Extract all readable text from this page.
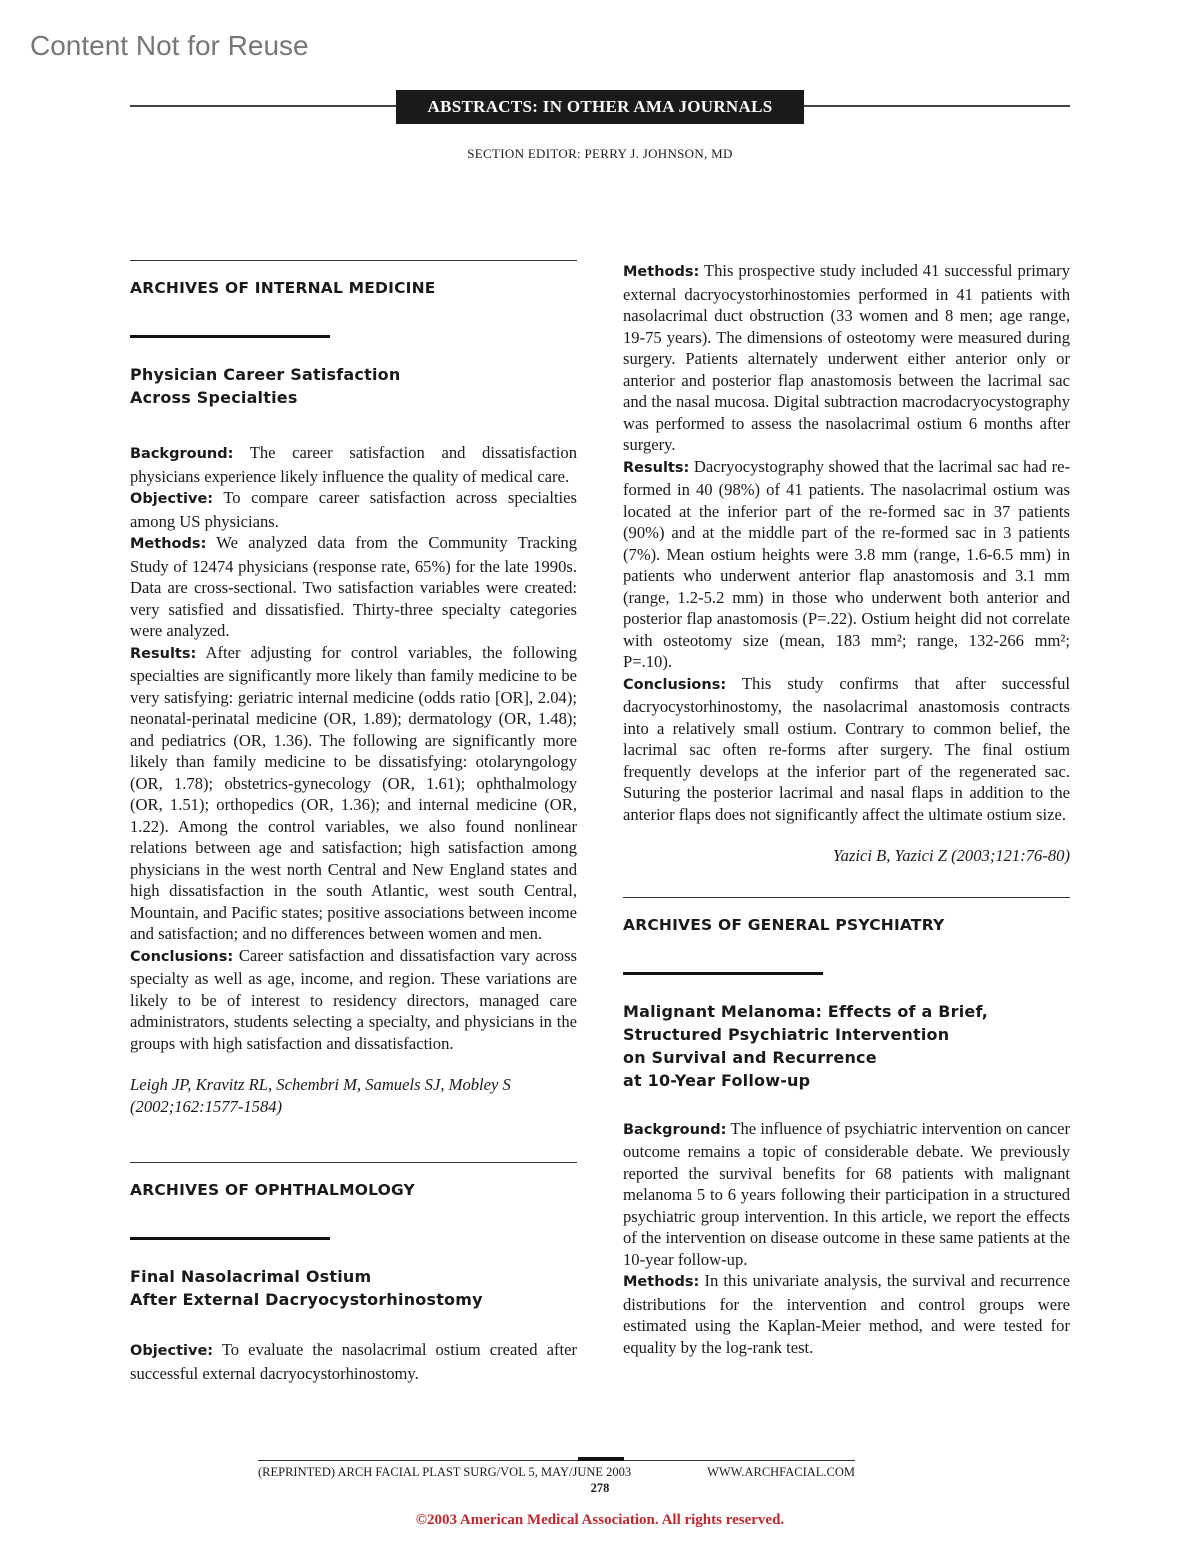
Content Not for Reuse
ABSTRACTS: IN OTHER AMA JOURNALS
SECTION EDITOR: PERRY J. JOHNSON, MD
ARCHIVES OF INTERNAL MEDICINE
Physician Career Satisfaction
Across Specialties

Background: The career satisfaction and dissatisfaction physicians experience likely influence the quality of medical care.

Objective: To compare career satisfaction across specialties among US physicians.

Methods: We analyzed data from the Community Tracking Study of 12474 physicians (response rate, 65%) for the late 1990s. Data are cross-sectional. Two satisfaction variables were created: very satisfied and dissatisfied. Thirty-three specialty categories were analyzed.

Results: After adjusting for control variables, the following specialties are significantly more likely than family medicine to be very satisfying: geriatric internal medicine (odds ratio [OR], 2.04); neonatal-perinatal medicine (OR, 1.89); dermatology (OR, 1.48); and pediatrics (OR, 1.36). The following are significantly more likely than family medicine to be dissatisfying: otolaryngology (OR, 1.78); obstetrics-gynecology (OR, 1.61); ophthalmology (OR, 1.51); orthopedics (OR, 1.36); and internal medicine (OR, 1.22). Among the control variables, we also found nonlinear relations between age and satisfaction; high satisfaction among physicians in the west north Central and New England states and high dissatisfaction in the south Atlantic, west south Central, Mountain, and Pacific states; positive associations between income and satisfaction; and no differences between women and men.

Conclusions: Career satisfaction and dissatisfaction vary across specialty as well as age, income, and region. These variations are likely to be of interest to residency directors, managed care administrators, students selecting a specialty, and physicians in the groups with high satisfaction and dissatisfaction.

Leigh JP, Kravitz RL, Schembri M, Samuels SJ, Mobley S (2002;162:1577-1584)
ARCHIVES OF OPHTHALMOLOGY
Final Nasolacrimal Ostium
After External Dacryocystorhinostomy

Objective: To evaluate the nasolacrimal ostium created after successful external dacryocystorhinostomy.

Methods: This prospective study included 41 successful primary external dacryocystorhinostomies performed in 41 patients with nasolacrimal duct obstruction (33 women and 8 men; age range, 19-75 years). The dimensions of osteotomy were measured during surgery. Patients alternately underwent either anterior only or anterior and posterior flap anastomosis between the lacrimal sac and the nasal mucosa. Digital subtraction macrodacryocystography was performed to assess the nasolacrimal ostium 6 months after surgery.

Results: Dacryocystography showed that the lacrimal sac had re-formed in 40 (98%) of 41 patients. The nasolacrimal ostium was located at the inferior part of the re-formed sac in 37 patients (90%) and at the middle part of the re-formed sac in 3 patients (7%). Mean ostium heights were 3.8 mm (range, 1.6-6.5 mm) in patients who underwent anterior flap anastomosis and 3.1 mm (range, 1.2-5.2 mm) in those who underwent both anterior and posterior flap anastomosis (P=.22). Ostium height did not correlate with osteotomy size (mean, 183 mm²; range, 132-266 mm²; P=.10).

Conclusions: This study confirms that after successful dacryocystorhinostomy, the nasolacrimal anastomosis contracts into a relatively small ostium. Contrary to common belief, the lacrimal sac often re-forms after surgery. The final ostium frequently develops at the inferior part of the regenerated sac. Suturing the posterior lacrimal and nasal flaps in addition to the anterior flaps does not significantly affect the ultimate ostium size.

Yazici B, Yazici Z (2003;121:76-80)
ARCHIVES OF GENERAL PSYCHIATRY
Malignant Melanoma: Effects of a Brief,
Structured Psychiatric Intervention
on Survival and Recurrence
at 10-Year Follow-up

Background: The influence of psychiatric intervention on cancer outcome remains a topic of considerable debate. We previously reported the survival benefits for 68 patients with malignant melanoma 5 to 6 years following their participation in a structured psychiatric group intervention. In this article, we report the effects of the intervention on disease outcome in these same patients at the 10-year follow-up.

Methods: In this univariate analysis, the survival and recurrence distributions for the intervention and control groups were estimated using the Kaplan-Meier method, and were tested for equality by the log-rank test.

(REPRINTED) ARCH FACIAL PLAST SURG/VOL 5, MAY/JUNE 2003	WWW.ARCHFACIAL.COM
278
©2003 American Medical Association. All rights reserved.
